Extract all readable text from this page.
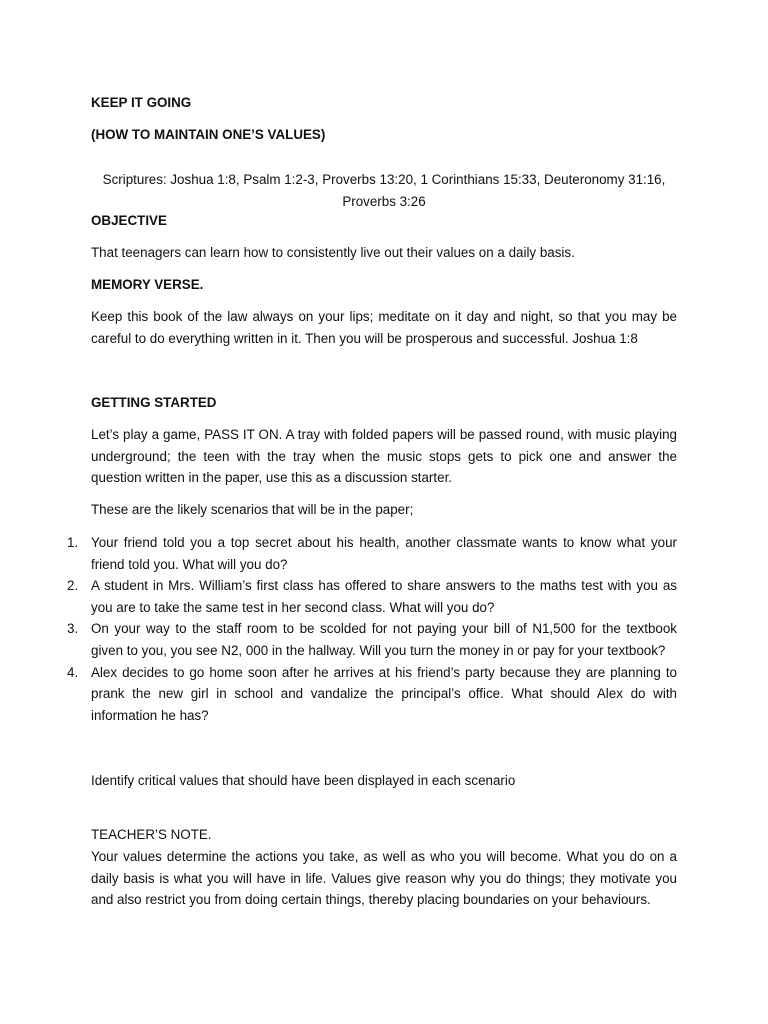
KEEP IT GOING

(HOW TO MAINTAIN ONE’S VALUES)

Scriptures: Joshua 1:8, Psalm 1:2-3, Proverbs 13:20, 1 Corinthians 15:33, Deuteronomy 31:16, Proverbs 3:26

OBJECTIVE

That teenagers can learn how to consistently live out their values on a daily basis.

MEMORY VERSE.

Keep this book of the law always on your lips; meditate on it day and night, so that you may be careful to do everything written in it. Then you will be prosperous and successful. Joshua 1:8

GETTING STARTED

Let’s play a game, PASS IT ON. A tray with folded papers will be passed round, with music playing underground; the teen with the tray when the music stops gets to pick one and answer the question written in the paper, use this as a discussion starter.

These are the likely scenarios that will be in the paper;

1. Your friend told you a top secret about his health, another classmate wants to know what your friend told you. What will you do?
2. A student in Mrs. William’s first class has offered to share answers to the maths test with you as you are to take the same test in her second class. What will you do?
3. On your way to the staff room to be scolded for not paying your bill of N1,500 for the textbook given to you, you see N2, 000 in the hallway. Will you turn the money in or pay for your textbook?
4. Alex decides to go home soon after he arrives at his friend’s party because they are planning to prank the new girl in school and vandalize the principal’s office. What should Alex do with information he has?

Identify critical values that should have been displayed in each scenario

TEACHER’S NOTE.

Your values determine the actions you take, as well as who you will become. What you do on a daily basis is what you will have in life. Values give reason why you do things; they motivate you and also restrict you from doing certain things, thereby placing boundaries on your behaviours.
